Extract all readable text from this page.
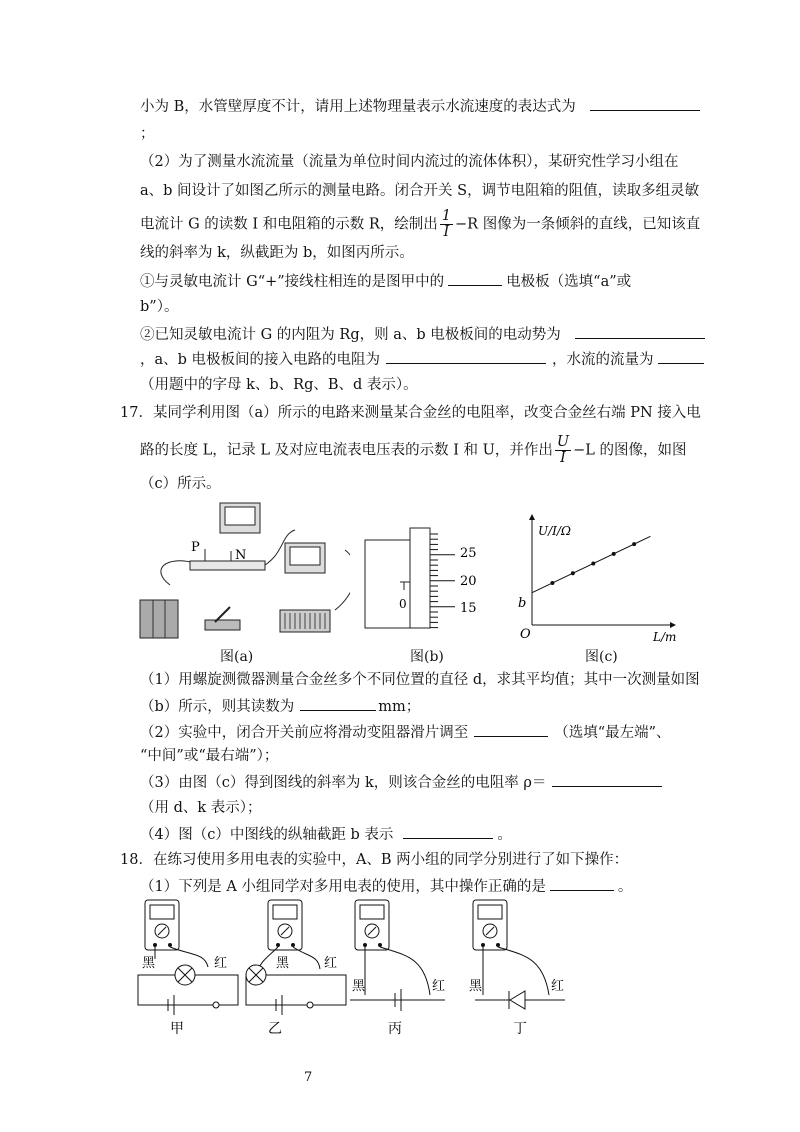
小为 B，水管壁厚度不计，请用上述物理量表示水流速度的表达式为
；
（2）为了测量水流流量（流量为单位时间内流过的流体体积），某研究性学习小组在
a、b 间设计了如图乙所示的测量电路。闭合开关 S，调节电阻箱的阻值，读取多组灵敏
电流计 G 的读数 I 和电阻箱的示数 R，绘制出 $\frac{1}{I} -R$ 图像为一条倾斜的直线，已知该直
线的斜率为 k，纵截距为 b，如图丙所示。
①与灵敏电流计 G“+”接线柱相连的是图甲中的	电极板（选填“a”或
b”）。
②已知灵敏电流计 G 的内阻为 Rg，则 a、b 电极板间的电动势为
，a、b 电极板间的接入电路的电阻为	，水流的流量为
（用题中的字母 k、b、Rg、B、d 表示）。
17．某同学利用图（a）所示的电路来测量某合金丝的电阻率，改变合金丝右端 PN 接入电
路的长度 L，记录 L 及对应电流表电压表的示数 I 和 U，并作出 $\frac{U}{I} -L$ 的图像，如图
（c）所示。
P
N	25
20
15
0
O
b
U/I/Ω
L/m
图(a)	图(b)	图(c)
（1）用螺旋测微器测量合金丝多个不同位置的直径 d，求其平均值；其中一次测量如图
（b）所示，则其读数为	mm；
（2）实验中，闭合开关前应将滑动变阻器滑片调至	（选填“最左端”、
“中间”或“最右端”）；
（3）由图（c）得到图线的斜率为 k，则该合金丝的电阻率 ρ＝
（用 d、k 表示）；
（4）图（c）中图线的纵轴截距 b 表示	。
18．在练习使用多用电表的实验中，A、B 两小组的同学分别进行了如下操作：
（1）下列是 A 小组同学对多用电表的使用，其中操作正确的是	。
黑	红
甲
黑	红
乙
黑	红
丙
黑	红
丁
7
